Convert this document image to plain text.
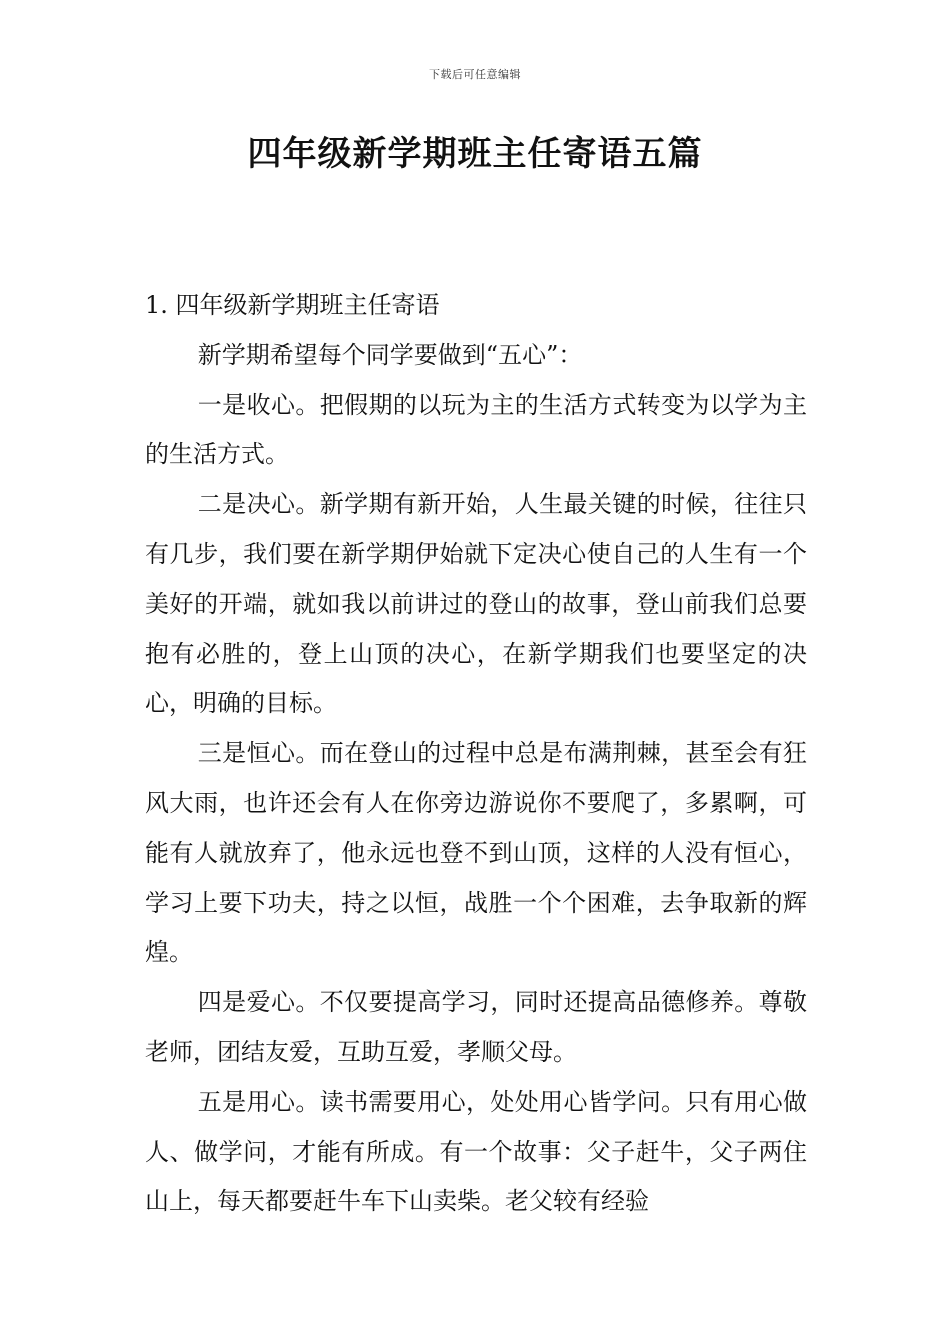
下载后可任意编辑
四年级新学期班主任寄语五篇

1. 四年级新学期班主任寄语

新学期希望每个同学要做到“五心”：

一是收心。把假期的以玩为主的生活方式转变为以学为主的生活方式。

二是决心。新学期有新开始，人生最关键的时候，往往只有几步，我们要在新学期伊始就下定决心使自己的人生有一个美好的开端，就如我以前讲过的登山的故事，登山前我们总要抱有必胜的，登上山顶的决心，在新学期我们也要坚定的决心，明确的目标。

三是恒心。而在登山的过程中总是布满荆棘，甚至会有狂风大雨，也许还会有人在你旁边游说你不要爬了，多累啊，可能有人就放弃了，他永远也登不到山顶，这样的人没有恒心，学习上要下功夫，持之以恒，战胜一个个困难，去争取新的辉煌。

四是爱心。不仅要提高学习，同时还提高品德修养。尊敬老师，团结友爱，互助互爱，孝顺父母。

五是用心。读书需要用心，处处用心皆学问。只有用心做人、做学问，才能有所成。有一个故事：父子赶牛，父子两住山上，每天都要赶牛车下山卖柴。老父较有经验
